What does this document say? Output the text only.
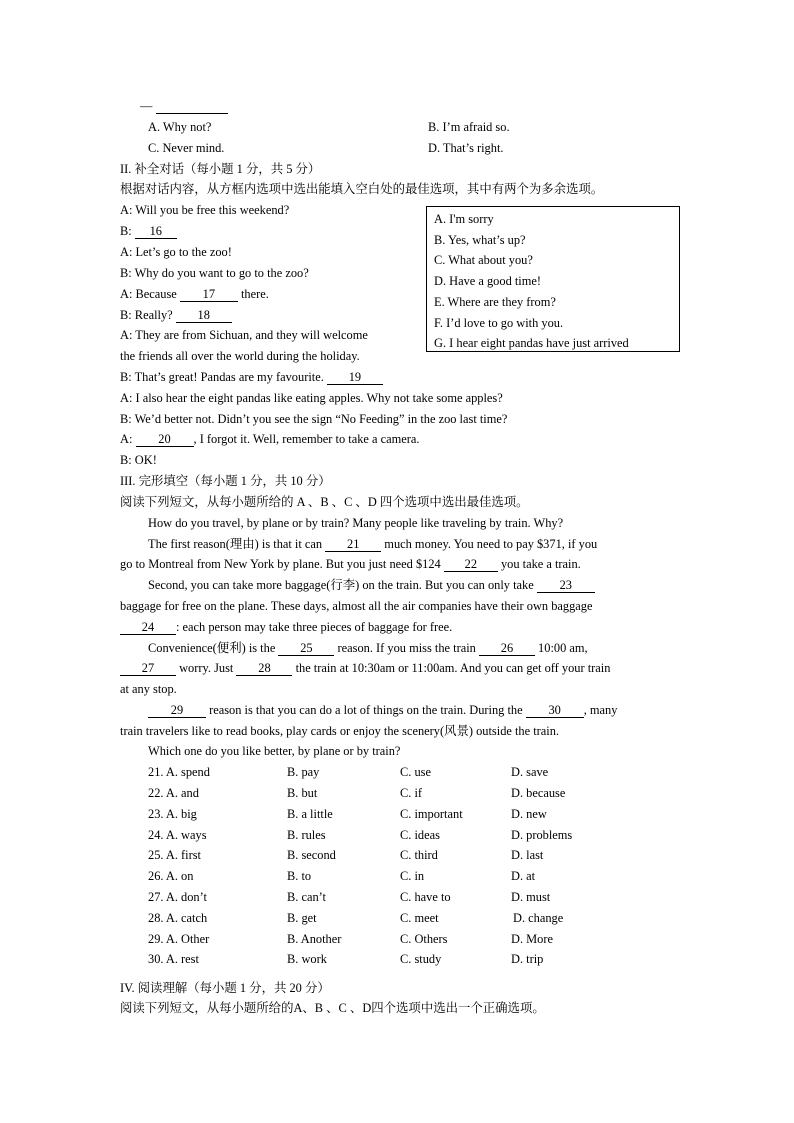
—
A. Why not?	B. I’m afraid so.
C. Never mind.	D. That’s right.
II. 补全对话（每小题 1 分，共 5 分）
根据对话内容，从方框内选项中选出能填入空白处的最佳选项，其中有两个为多余选项。
A: Will you be free this weekend?
B: 16
A: Let’s go to the zoo!
B: Why do you want to go to the zoo?
A: Because 17 there.
B: Really? 18
A: They are from Sichuan, and they will welcome
the friends all over the world during the holiday.
B: That’s great! Pandas are my favourite. 19
A: I also hear the eight pandas like eating apples. Why not take some apples?
B: We’d better not. Didn’t you see the sign “No Feeding” in the zoo last time?
A: 20 , I forgot it. Well, remember to take a camera.
B: OK!
A. I'm sorry
B. Yes, what’s up?
C. What about you?
D. Have a good time!
E. Where are they from?
F. I’d love to go with you.
G. I hear eight pandas have just arrived
III. 完形填空（每小题 1 分，共 10 分）
阅读下列短文，从每小题所给的 A 、B 、C 、D 四个选项中选出最佳选项。
How do you travel, by plane or by train? Many people like traveling by train. Why?
The first reason(理由) is that it can 21 much money. You need to pay $371, if you
go to Montreal from New York by plane. But you just need $124 22 you take a train.
Second, you can take more baggage(行李) on the train. But you can only take 23
baggage for free on the plane. These days, almost all the air companies have their own baggage
24 : each person may take three pieces of baggage for free.
Convenience(便利) is the 25 reason. If you miss the train 26 10:00 am,
27 worry. Just 28 the train at 10:30am or 11:00am. And you can get off your train
at any stop.
29 reason is that you can do a lot of things on the train. During the 30 , many
train travelers like to read books, play cards or enjoy the scenery(风景) outside the train.
Which one do you like better, by plane or by train?
21. A. spend	B. pay	C. use	D. save
22. A. and	B. but	C. if	D. because
23. A. big	B. a little	C. important	D. new
24. A. ways	B. rules	C. ideas	D. problems
25. A. first	B. second	C. third	D. last
26. A. on	B. to	C. in	D. at
27. A. don’t	B. can’t	C. have to	D. must
28. A. catch	B. get	C. meet	D. change
29. A. Other	B. Another	C. Others	D. More
30. A. rest	B. work	C. study	D. trip
IV. 阅读理解（每小题 1 分，共 20 分）
阅读下列短文，从每小题所给的A、B 、C 、D四个选项中选出一个正确选项。
